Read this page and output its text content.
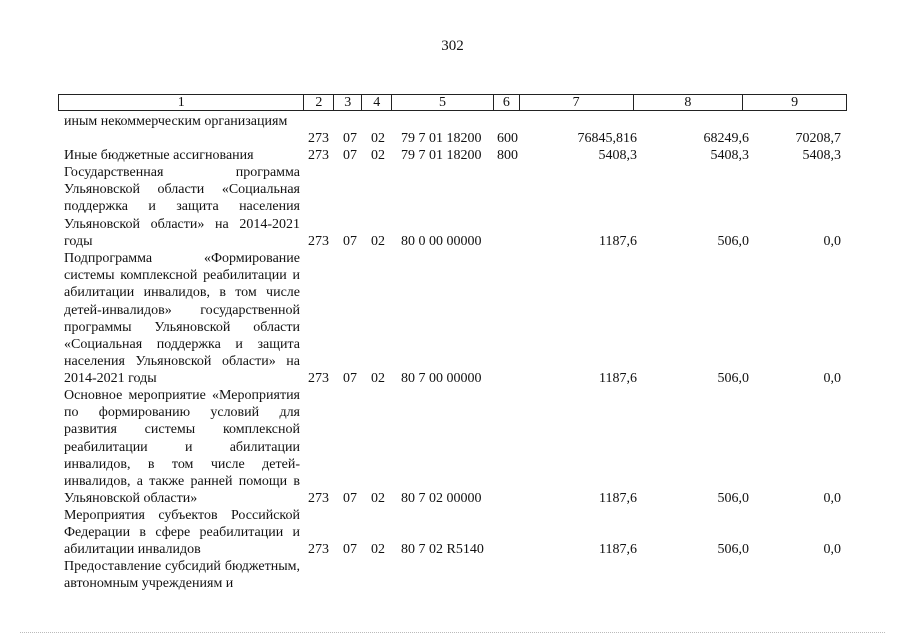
302
1	2	3	4	5	6	7	8	9
иным некоммерческим организациям
273 07 02 79 7 01 18200 600	76845,816	68249,6	70208,7
Иные бюджетные ассигнования	273 07 02 79 7 01 18200 800	5408,3	5408,3	5408,3
Государственная программа Ульяновской области «Социальная поддержка и защита населения Ульяновской области» на 2014-2021 годы	273 07 02 80 0 00 00000	1187,6	506,0	0,0
Подпрограмма «Формирование системы комплексной реабилитации и абилитации инвалидов, в том числе детей-инвалидов» государственной программы Ульяновской области «Социальная поддержка и защита населения Ульяновской области» на 2014-2021 годы	273 07 02 80 7 00 00000	1187,6	506,0	0,0
Основное мероприятие «Мероприятия по формированию условий для развития системы комплексной реабилитации и абилитации инвалидов, в том числе детей-инвалидов, а также ранней помощи в Ульяновской области»	273 07 02 80 7 02 00000	1187,6	506,0	0,0
Мероприятия субъектов Российской Федерации в сфере реабилитации и абилитации инвалидов	273 07 02 80 7 02 R5140	1187,6	506,0	0,0
Предоставление субсидий бюджетным, автономным учреждениям и
